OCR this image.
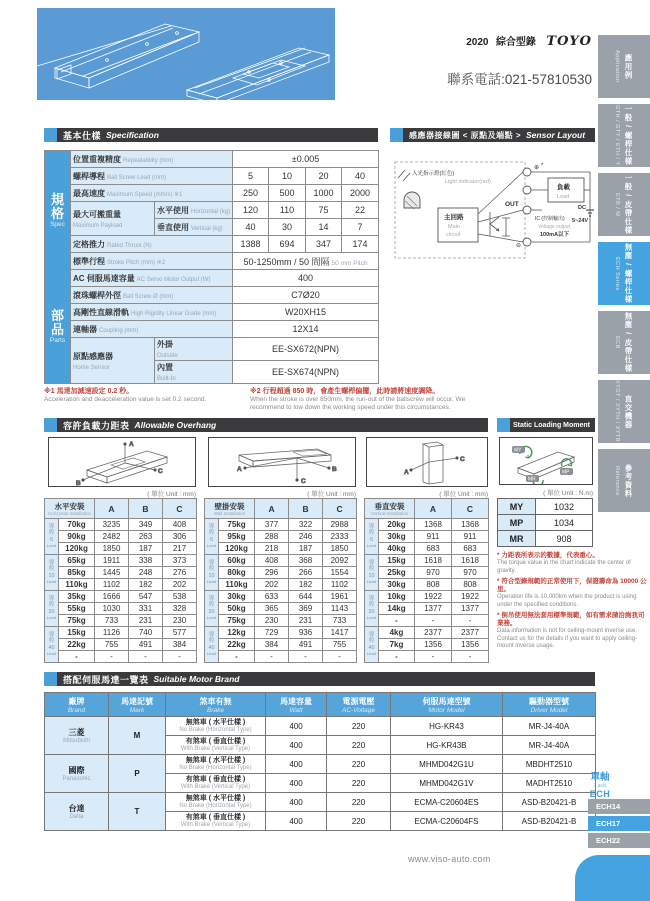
2020 綜合型錄 TOYO
聯系電話:021-57810530
基本仕樣 Specification
規格
Spec	位置重複精度 Repeatability (mm)		±0.005			
	螺桿導程 Ball Screw Lead (mm)		5	10	20	40
	最高速度 Maximum Speed (mm/s) ※1		250	500	1000	2000
	最大可搬重量
Maximum Payload	水平使用 Horizontal (kg)	120	110	75	22
		垂直使用 Vertical (kg)	40	30	14	7
	定格推力 Rated Thrust (N)		1388	694	347	174
	標準行程 Stroke Pitch (mm) ※2		50-1250mm / 50 間隔 50 mm Pitch			

部品
Parts	AC 伺服馬達容量 AC Servo Motor Output (W)		400			
	滾珠螺桿外徑 Ball Screw Ø (mm)		C7Ø20			
	高剛性直線滑軌 High Rigidity Linear Guide (mm)		W20XH15			
	連軸器 Coupling (mm)		12X14			
	原點感應器
Home Sensor	外掛
Outside	EE-SX672(NPN)			
		內置
Built-In	EE-SX674(NPN)			
※1 馬達加減速設定 0.2 秒。
Acceleration and deacceleration value is set 0.2 second.
※2 行程超過 850 時，會產生螺桿偏擺，此時請將速度調降。
When the stroke is over 850mm, the run-out of the ballscrew will occur. We recommend to low down the working speed under this circumstances.
感應器接線圖 < 原點及端點 > Sensor Layout
入光指示燈(紅色)
Light indicator(red)
主回路
Main
circuit
⊕ *
OUT
⊖
負載
Load
DC
5~24V
IC (控制輸出)
Voltage output
100mA以下
容許負載力距表 Allowable Overhang
A
B
C	A	B
C
A
C
( 單位 Unit : mm)	( 單位 Unit : mm)	( 單位 Unit : mm)
水平安裝
Horizontal Installation		A	B	C

導
程
5
Lead	70kg	3235	349	408
	90kg	2482	263	306
	120kg	1850	187	217

導
程
10
Lead	65kg	1911	338	373
	85kg	1445	248	276
	110kg	1102	182	202

導
程
20
Lead	35kg	1666	547	538
	55kg	1030	331	328
	75kg	733	231	230

導
程
40
Lead	15kg	1126	740	577
	22kg	755	491	384
	-	-	-	-
壁掛安裝
Wall Installation		A	B	C

導
程
5
Lead	75kg	377	322	2988
	95kg	288	246	2333
	120kg	218	187	1850

導
程
10
Lead	60kg	408	368	2092
	80kg	296	266	1554
	110kg	202	182	1102

導
程
20
Lead	30kg	633	644	1961
	50kg	365	369	1143
	75kg	230	231	733

導
程
40
Lead	12kg	729	936	1417
	22kg	384	491	755
	-	-	-	-
垂直安裝
Vertical Installation		A	C

導
程
5
Lead	20kg	1368	1368
	30kg	911	911
	40kg	683	683

導
程
10
Lead	15kg	1618	1618
	25kg	970	970
	30kg	808	808

導
程
20
Lead	10kg	1922	1922
	14kg	1377	1377
	-	-	-

導
程
40
Lead	4kg	2377	2377
	7kg	1356	1356
	-	-	-
Static Loading Moment
MY
MP
MR
( 單位 Unit : N.m)
MY	1032
MP	1034
MR	908
* 力距表所表示的數據，代表重心。
The torque value in the chart indicate the center of gravity.
* 符合型錄規範的正常使用下，保證壽命為 10000 公里。
Operation life is 10,000km when the product is using under the specified conditions.
* 倒吊使用無法套用標準規範，如有需求請洽詢我司業務。
Data information is not for ceiling-mount inverse use. Contact us for the details if you want to apply ceiling-mount inverse usage.
搭配伺服馬達一覽表 Suitable Motor Brand
廠牌
Brand	馬達記號
Mark	煞車有無
Brake	馬達容量
Watt	電源電壓
AC-Voltage	伺服馬達型號
Motor Model	驅動器型號
Driver Model

三菱
Mitsubishi	M	無煞車 ( 水平仕樣 )
No Brake (Horizontal Type)	400	220	HG-KR43	MR-J4-40A

		有煞車 ( 垂直仕樣 )
With Brake (Vertical Type)	400	220	HG-KR43B	MR-J4-40A

國際
Panasonic	P	無煞車 ( 水平仕樣 )
No Brake (Horizontal Type)	400	220	MHMD042G1U	MBDHT2510

		有煞車 ( 垂直仕樣 )
With Brake (Vertical Type)	400	220	MHMD042G1V	MADHT2510

台達
Delta	T	無煞車 ( 水平仕樣 )
No Brake (Horizontal Type)	400	220	ECMA-C20604ES	ASD-B20421-B

		有煞車 ( 垂直仕樣 )
With Brake (Vertical Type)	400	220	ECMA-C20604FS	ASD-B20421-B
Application 應用例
GTH / GTY / ETH / Y 一般 / 螺桿仕樣
ETB / M 一般 / 皮帶仕樣
ECH Series 無塵 / 螺桿仕樣
ECB 無塵 / 皮帶仕樣
XYGT / XYTH / XYTB 直交機器
Reference 參考資料
單軸
1 axis
ECH
ECH14
ECH17
ECH22
www.viso-auto.com
